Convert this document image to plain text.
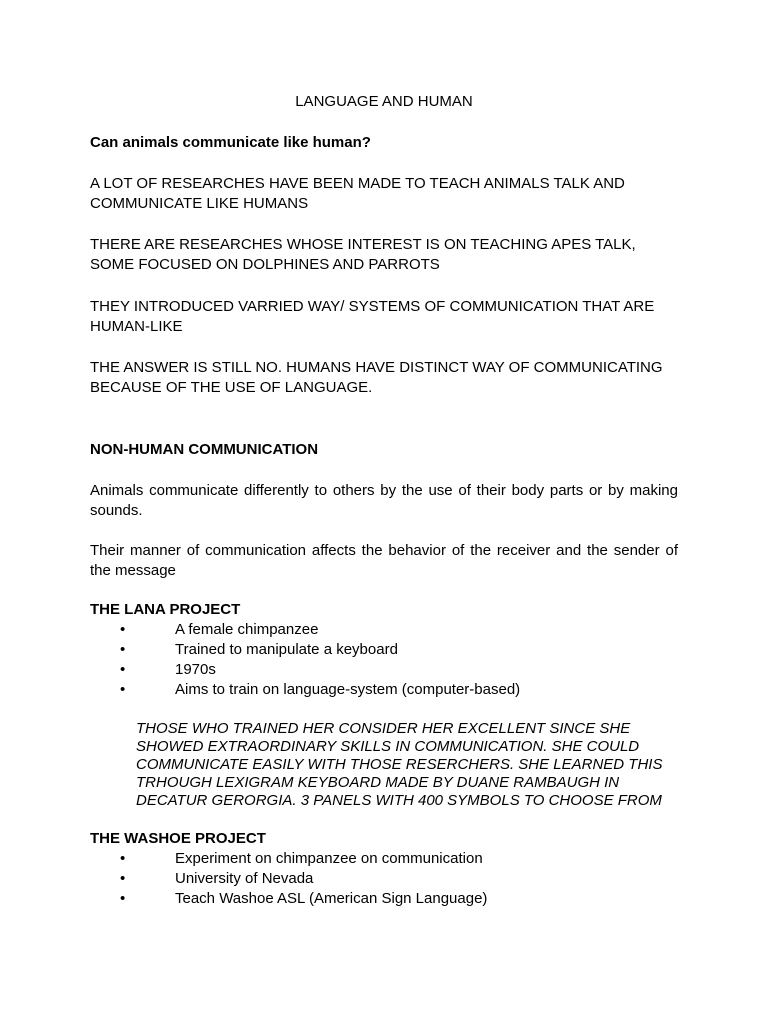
LANGUAGE AND HUMAN

Can animals communicate like human?

A LOT OF RESEARCHES HAVE BEEN MADE TO TEACH ANIMALS TALK AND COMMUNICATE LIKE HUMANS

THERE ARE RESEARCHES WHOSE INTEREST IS ON TEACHING APES TALK, SOME FOCUSED ON DOLPHINES AND PARROTS

THEY INTRODUCED VARRIED WAY/ SYSTEMS OF COMMUNICATION THAT ARE HUMAN-LIKE

THE ANSWER IS STILL NO. HUMANS HAVE DISTINCT WAY OF COMMUNICATING BECAUSE OF THE USE OF LANGUAGE.

NON-HUMAN COMMUNICATION

Animals communicate differently to others by the use of their body parts or by making sounds.

Their manner of communication affects the behavior of the receiver and the sender of the message

THE LANA PROJECT

•	A female chimpanzee
•	Trained to manipulate a keyboard
•	1970s
•	Aims to train on language-system (computer-based)

THOSE WHO TRAINED HER CONSIDER HER EXCELLENT SINCE SHE SHOWED EXTRAORDINARY SKILLS IN COMMUNICATION. SHE COULD COMMUNICATE EASILY WITH THOSE RESERCHERS. SHE LEARNED THIS TRHOUGH LEXIGRAM KEYBOARD MADE BY DUANE RAMBAUGH IN DECATUR GERORGIA. 3 PANELS WITH 400 SYMBOLS TO CHOOSE FROM

THE WASHOE PROJECT

•	Experiment on chimpanzee on communication
•	University of Nevada
•	Teach Washoe ASL (American Sign Language)
